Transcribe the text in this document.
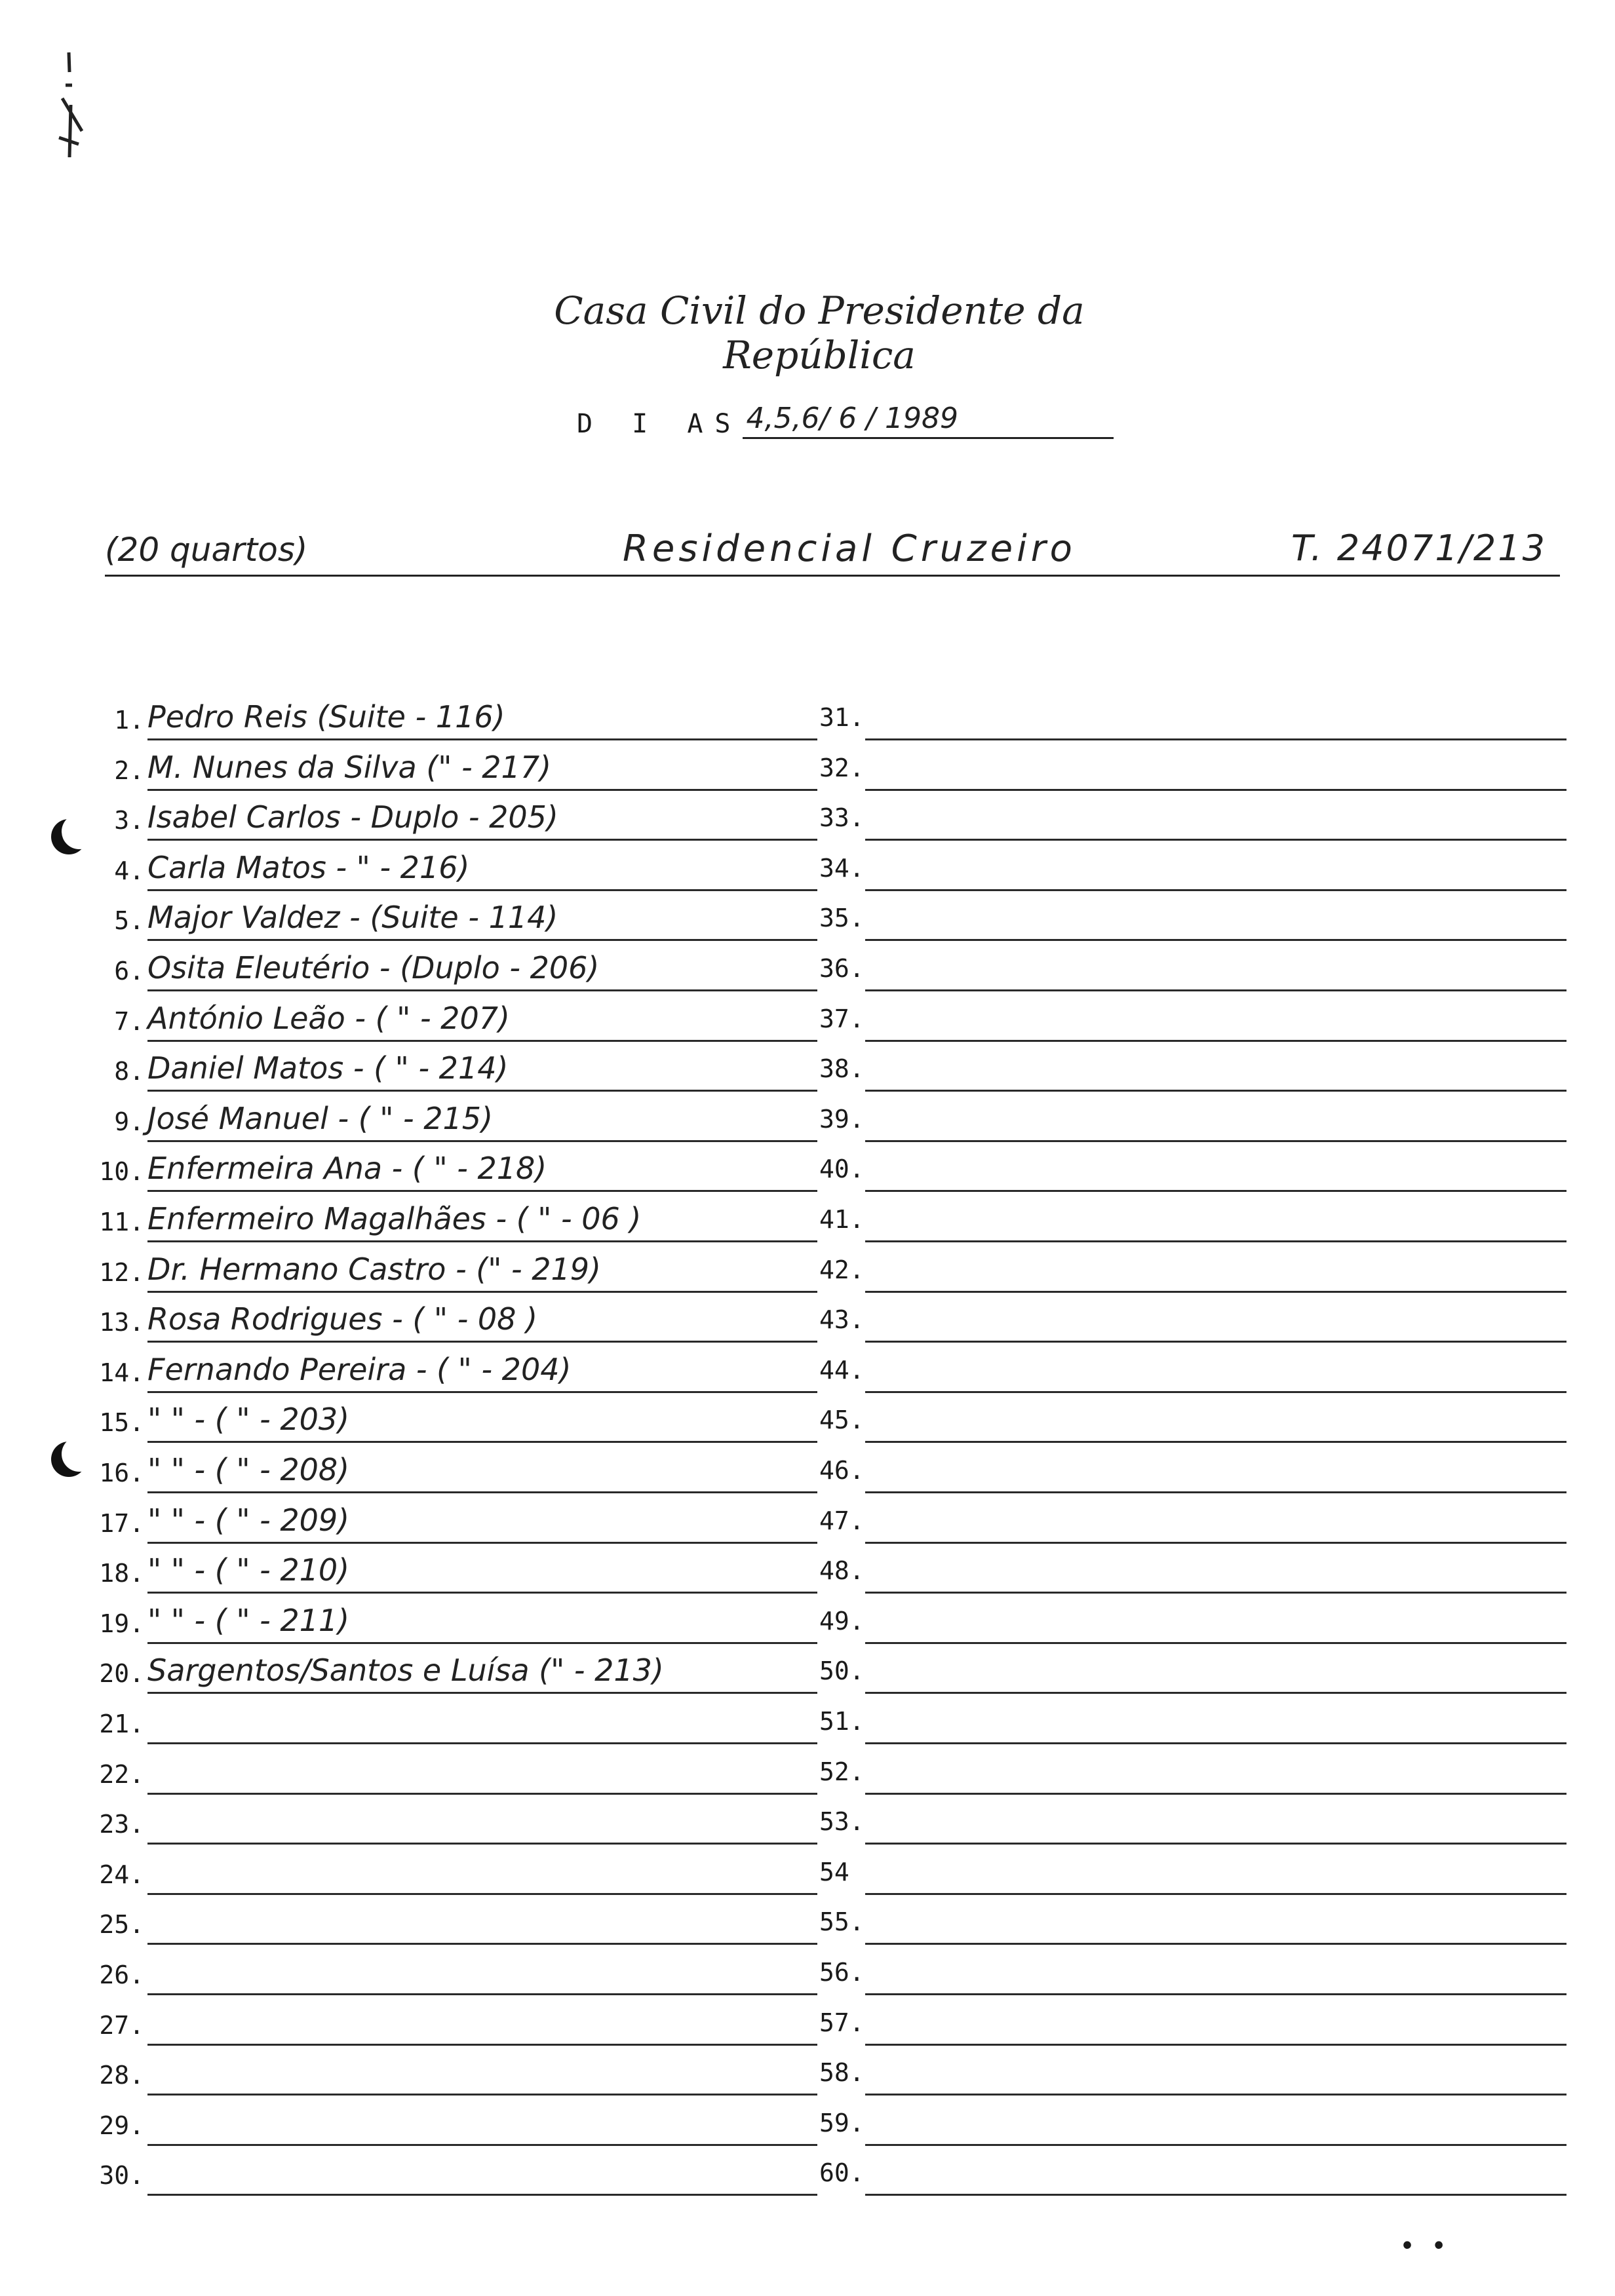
Casa Civil do Presidente da República
D I AS 4,5,6/ 6 / 1989
(20 quartos)	Residencial Cruzeiro	T. 24071/213
1. Pedro Reis (Suite - 116)	31.
2. M. Nunes da Silva (" - 217)	32.
3. Isabel Carlos - Duplo - 205)	33.
4. Carla Matos - " - 216)	34.
5. Major Valdez - (Suite - 114)	35.
6. Osita Eleutério - (Duplo - 206)	36.
7. António Leão - ( " - 207)	37.
8. Daniel Matos - ( " - 214)	38.
9. José Manuel - ( " - 215)	39.
10. Enfermeira Ana - ( " - 218)	40.
11. Enfermeiro Magalhães - ( " - 06 )	41.
12. Dr. Hermano Castro - (" - 219)	42.
13. Rosa Rodrigues - ( " - 08 )	43.
14. Fernando Pereira - ( " - 204)	44.
15. " " - ( " - 203)	45.
16. " " - ( " - 208)	46.
17. " " - ( " - 209)	47.
18. " " - ( " - 210)	48.
19. " " - ( " - 211)	49.
20. Sargentos/Santos e Luísa (" - 213)	50.
21.	51.
22.	52.
23.	53.
24.	54
25.	55.
26.	56.
27.	57.
28.	58.
29.	59.
30.	60.
• •
